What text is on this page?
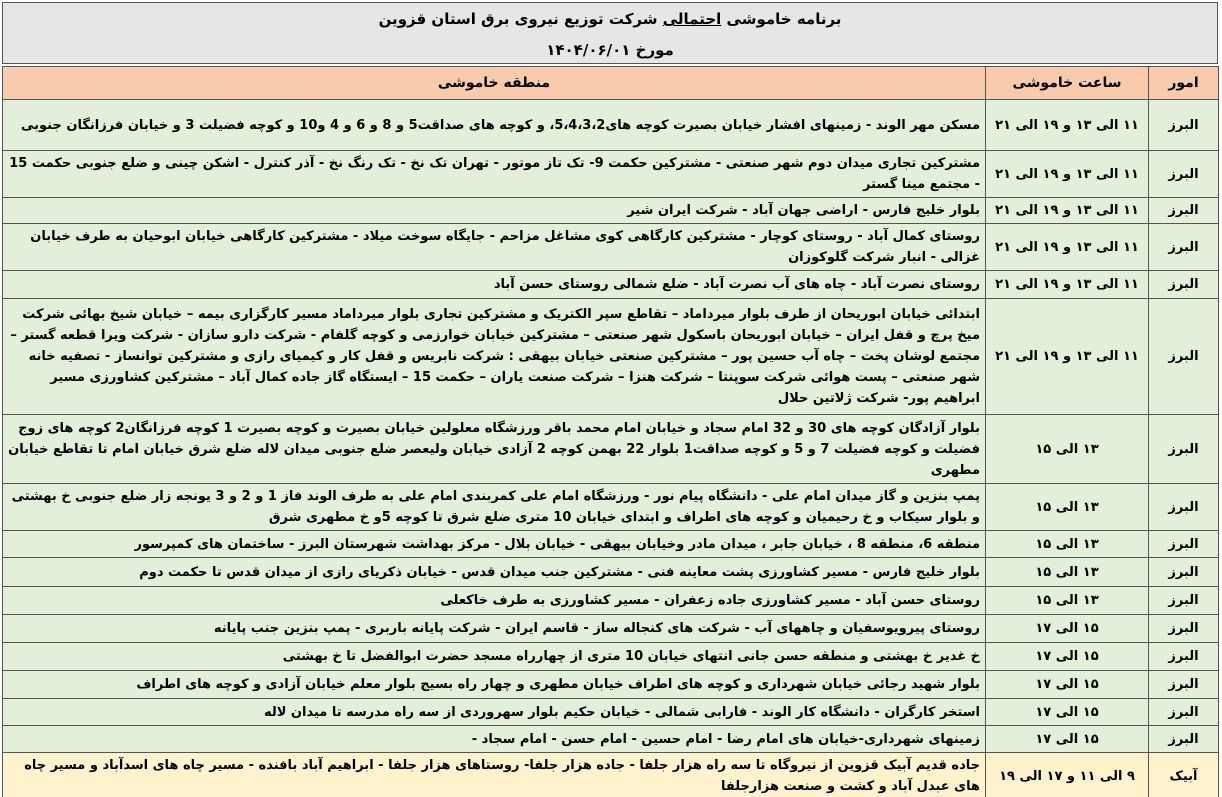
برنامه خاموشی احتمالی شرکت توزیع نیروی برق استان قزوین
مورخ ۱۴۰۴/۰۶/۰۱
امور	ساعت خاموشی	منطقه خاموشی
البرز	۱۱ الی ۱۳ و ۱۹ الی ۲۱	مسکن مهر الوند - زمینهای افشار خیابان بصیرت کوچه های5،4،3،2، و کوچه های صداقت5 و 8 و 6 و 4 و10 و کوچه فضیلت 3 و خیابان فرزانگان جنوبی
البرز	۱۱ الی ۱۳ و ۱۹ الی ۲۱	مشترکین تجاری میدان دوم شهر صنعتی - مشترکین حکمت 9- تک تاز موتور - تهران تک نخ - تک رنگ نخ - آذر کنترل - اشکن چینی و ضلع جنوبی حکمت 15 - مجتمع مینا گستر
البرز	۱۱ الی ۱۳ و ۱۹ الی ۲۱	بلوار خلیج فارس - اراضی جهان آباد - شرکت ایران شیر
البرز	۱۱ الی ۱۳ و ۱۹ الی ۲۱	روستای کمال آباد - روستای کوچار - مشترکین کارگاهی کوی مشاغل مزاحم - جایگاه سوخت میلاد - مشترکین کارگاهی خیابان ابوحیان به طرف خیابان غزالی - انبار شرکت گلوکوزان
البرز	۱۱ الی ۱۳ و ۱۹ الی ۲۱	روستای نصرت آباد - چاه های آب نصرت آباد - ضلع شمالی روستای حسن آباد
البرز	۱۱ الی ۱۳ و ۱۹ الی ۲۱	ابتدائی خیابان ابوریحان از طرف بلوار میرداماد – تقاطع سپر الکتریک و مشترکین تجاری بلوار میرداماد مسیر کارگزاری بیمه – خیابان شیخ بهائی شرکت میخ پرچ و قفل ایران – خیابان ابوریحان باسکول شهر صنعتی – مشترکین خیابان خوارزمی و کوچه گلفام - شرکت دارو سازان - شرکت ویرا قطعه گستر – مجتمع لوشان پخت – چاه آب حسین پور – مشترکین صنعتی خیابان بیهقی : شرکت نابریس و قفل کار و کیمیای رازی و مشترکین توانساز - تصفیه خانه شهر صنعتی – پست هوائی شرکت سوپنتا – شرکت هنزا – شرکت صنعت یاران – حکمت 15 – ایستگاه گاز جاده کمال آباد – مشترکین کشاورزی مسیر ابراهیم پور- شرکت ژلاتین حلال
البرز	۱۳ الی ۱۵	بلوار آزادگان کوچه های 30 و 32 امام سجاد و خیابان امام محمد باقر ورزشگاه معلولین خیابان بصیرت و کوچه بصیرت 1 کوچه فرزانگان2 کوچه های زوج فضیلت و کوچه فضیلت 7 و 5 و کوچه صداقت1 بلوار 22 بهمن کوچه 2 آزادی خیابان ولیعصر ضلع جنوبی میدان لاله ضلع شرق خیابان امام تا تقاطع خیابان مطهری
البرز	۱۳ الی ۱۵	پمپ بنزین و گاز میدان امام علی - دانشگاه پیام نور - ورزشگاه امام علی کمربندی امام علی به طرف الوند فاز 1 و 2 و 3 یونجه زار ضلع جنوبی خ بهشتی و بلوار سیکاب و خ رحیمیان و کوچه های اطراف و ابتدای خیابان 10 متری ضلع شرق تا کوچه 5و خ مطهری شرق
البرز	۱۳ الی ۱۵	منطقه 6، منطقه 8 ، خیابان جابر ، میدان مادر وخیابان بیهقی - خیابان بلال - مرکز بهداشت شهرستان البرز - ساختمان های کمپرسور
البرز	۱۳ الی ۱۵	بلوار خلیج فارس - مسیر کشاورزی پشت معاینه فنی - مشترکین جنب میدان قدس - خیابان ذکریای رازی از میدان قدس تا حکمت دوم
البرز	۱۳ الی ۱۵	روستای حسن آباد - مسیر کشاورزی جاده زعفران - مسیر کشاورزی به طرف خاکعلی
البرز	۱۵ الی ۱۷	روستای پیرویوسفیان و چاههای آب - شرکت های کنجاله ساز - قاسم ایران - شرکت پایانه باربری - پمپ بنزین جنب پایانه
البرز	۱۵ الی ۱۷	خ غدیر خ بهشتی و منطقه حسن جانی انتهای خیابان 10 متری از چهارراه مسجد حضرت ابوالفضل تا خ بهشتی
البرز	۱۵ الی ۱۷	بلوار شهید رجائی خیابان شهرداری و کوچه های اطراف خیابان مطهری و چهار راه بسیج بلوار معلم خیابان آزادی و کوچه های اطراف
البرز	۱۵ الی ۱۷	استخر کارگران - دانشگاه کار الوند - فارابی شمالی - خیابان حکیم بلوار سهروردی از سه راه مدرسه تا میدان لاله
البرز	۱۵ الی ۱۷	زمینهای شهرداری-خیابان های امام رضا - امام حسین - امام حسن - امام سجاد -
آبیک	۹ الی ۱۱ و ۱۷ الی ۱۹	جاده قدیم آبیک قزوین از نیروگاه تا سه راه هزار جلفا - جاده هزار جلفا- روستاهای هزار جلفا - ابراهیم آباد بافنده - مسیر چاه های اسدآباد و مسیر چاه های عبدل آباد و کشت و صنعت هزارجلفا
